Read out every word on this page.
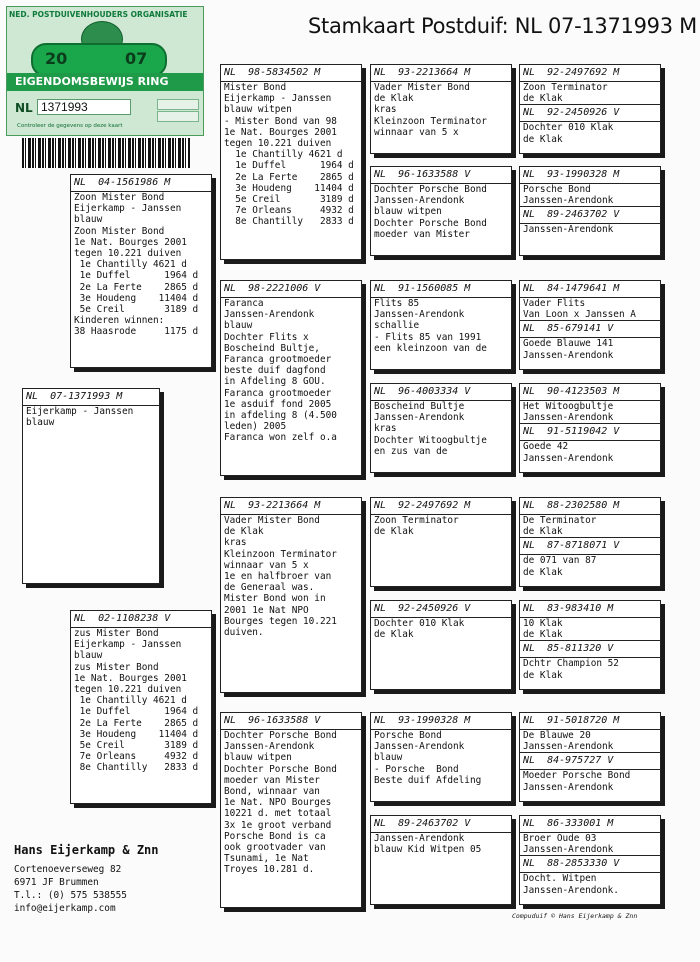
Stamkaart Postduif: NL 07-1371993 M
NED. POSTDUIVENHOUDERS ORGANISATIE
20	07
EIGENDOMSBEWIJS RING
NL 1371993
Controleer de gegevens op deze kaart
NL  07-1371993 M
Eijerkamp - Janssen
blauw
NL  04-1561986 M
Zoon Mister Bond
Eijerkamp - Janssen
blauw
Zoon Mister Bond
1e Nat. Bourges 2001
tegen 10.221 duiven
1e Chantilly 4621 d
1e Duffel      1964 d
2e La Ferte    2865 d
3e Houdeng    11404 d
5e Creil       3189 d
Kinderen winnen:
38 Haasrode     1175 d
NL  02-1108238 V
zus Mister Bond
Eijerkamp - Janssen
blauw
zus Mister Bond
1e Nat. Bourges 2001
tegen 10.221 duiven
1e Chantilly 4621 d
1e Duffel      1964 d
2e La Ferte    2865 d
3e Houdeng    11404 d
5e Creil       3189 d
7e Orleans     4932 d
8e Chantilly   2833 d
NL  98-5834502 M
Mister Bond
Eijerkamp - Janssen
blauw witpen
- Mister Bond van 98
1e Nat. Bourges 2001
tegen 10.221 duiven
1e Chantilly 4621 d
1e Duffel      1964 d
2e La Ferte    2865 d
3e Houdeng    11404 d
5e Creil       3189 d
7e Orleans     4932 d
8e Chantilly   2833 d
NL  98-2221006 V
Faranca
Janssen-Arendonk
blauw
Dochter Flits x
Boscheind Bultje,
Faranca grootmoeder
beste duif dagfond
in Afdeling 8 GOU.
Faranca grootmoeder
1e asduif fond 2005
in afdeling 8 (4.500
leden) 2005
Faranca won zelf o.a
NL  93-2213664 M
Vader Mister Bond
de Klak
kras
Kleinzoon Terminator
winnaar van 5 x
1e en halfbroer van
de Generaal was.
Mister Bond won in
2001 1e Nat NPO
Bourges tegen 10.221
duiven.
NL  96-1633588 V
Dochter Porsche Bond
Janssen-Arendonk
blauw witpen
Dochter Porsche Bond
moeder van Mister
Bond, winnaar van
1e Nat. NPO Bourges
10221 d. met totaal
3x 1e groot verband
Porsche Bond is ca
ook grootvader van
Tsunami, 1e Nat
Troyes 10.281 d.
NL  93-2213664 M
Vader Mister Bond
de Klak
kras
Kleinzoon Terminator
winnaar van 5 x
NL  96-1633588 V
Dochter Porsche Bond
Janssen-Arendonk
blauw witpen
Dochter Porsche Bond
moeder van Mister
NL  91-1560085 M
Flits 85
Janssen-Arendonk
schallie
- Flits 85 van 1991
een kleinzoon van de
NL  96-4003334 V
Boscheind Bultje
Janssen-Arendonk
kras
Dochter Witoogbultje
en zus van de
NL  92-2497692 M
Zoon Terminator
de Klak
NL  92-2450926 V
Dochter 010 Klak
de Klak
NL  93-1990328 M
Porsche Bond
Janssen-Arendonk
blauw
- Porsche  Bond
Beste duif Afdeling
NL  89-2463702 V
Janssen-Arendonk
blauw Kid Witpen 05
NL  92-2497692 M
Zoon Terminator
de Klak
NL  92-2450926 V
Dochter 010 Klak
de Klak
NL  93-1990328 M
Porsche Bond
Janssen-Arendonk
NL  89-2463702 V
Janssen-Arendonk
NL  84-1479641 M
Vader Flits
Van Loon x Janssen A
NL  85-679141 V
Goede Blauwe 141
Janssen-Arendonk
NL  90-4123503 M
Het Witoogbultje
Janssen-Arendonk
NL  91-5119042 V
Goede 42
Janssen-Arendonk
NL  88-2302580 M
De Terminator
de Klak
NL  87-8718071 V
de 071 van 87
de Klak
NL  83-983410 M
10 Klak
de Klak
NL  85-811320 V
Dchtr Champion 52
de Klak
NL  91-5018720 M
De Blauwe 20
Janssen-Arendonk
NL  84-975727 V
Moeder Porsche Bond
Janssen-Arendonk
NL  86-333001 M
Broer Oude 03
Janssen-Arendonk
NL  88-2853330 V
Docht. Witpen
Janssen-Arendonk.
Hans Eijerkamp & Znn
Cortenoeverseweg 82
6971 JF Brummen
T.l.: (0) 575 538555
info@eijerkamp.com
Compuduif © Hans Eijerkamp & Znn
